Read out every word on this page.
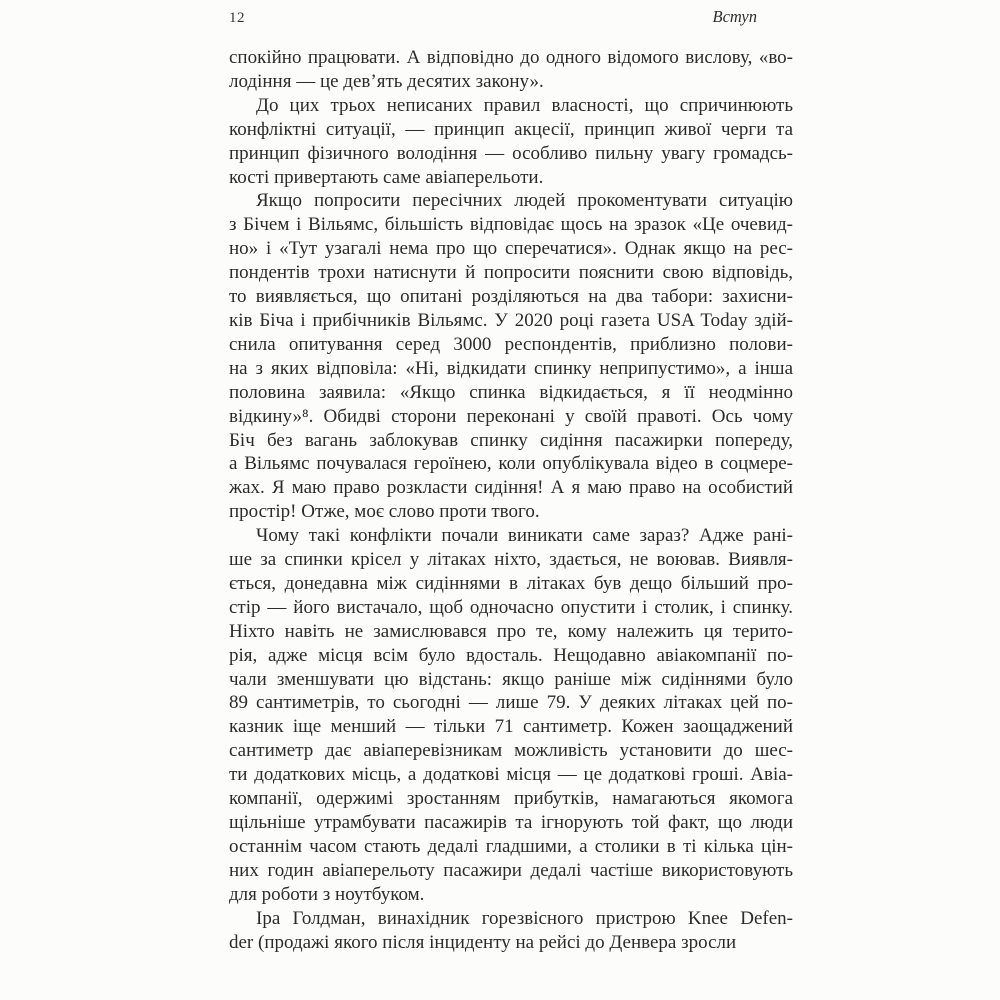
12	Вступ
спокійно працювати. А відповідно до одного відомого вислову, «во-
лодіння — це дев’ять десятих закону».
До цих трьох неписаних правил власності, що спричинюють
конфліктні ситуації, — принцип акцесії, принцип живої черги та
принцип фізичного володіння — особливо пильну увагу громадсь-
кості привертають саме авіаперельоти.
Якщо попросити пересічних людей прокоментувати ситуацію
з Бічем і Вільямс, більшість відповідає щось на зразок «Це очевид-
но» і «Тут узагалі нема про що сперечатися». Однак якщо на рес-
пондентів трохи натиснути й попросити пояснити свою відповідь,
то виявляється, що опитані розділяються на два табори: захисни-
ків Біча і прибічників Вільямс. У 2020 році газета USA Today здій-
снила опитування серед 3000 респондентів, приблизно полови-
на з яких відповіла: «Ні, відкидати спинку неприпустимо», а інша
половина заявила: «Якщо спинка відкидається, я її неодмінно
відкину»⁸. Обидві сторони переконані у своїй правоті. Ось чому
Біч без вагань заблокував спинку сидіння пасажирки попереду,
а Вільямс почувалася героїнею, коли опублікувала відео в соцмере-
жах. Я маю право розкласти сидіння! А я маю право на особистий
простір! Отже, моє слово проти твого.
Чому такі конфлікти почали виникати саме зараз? Адже рані-
ше за спинки крісел у літаках ніхто, здається, не воював. Виявля-
ється, донедавна між сидіннями в літаках був дещо більший про-
стір — його вистачало, щоб одночасно опустити і столик, і спинку.
Ніхто навіть не замислювався про те, кому належить ця терито-
рія, адже місця всім було вдосталь. Нещодавно авіакомпанії по-
чали зменшувати цю відстань: якщо раніше між сидіннями було
89 сантиметрів, то сьогодні — лише 79. У деяких літаках цей по-
казник іще менший — тільки 71 сантиметр. Кожен заощаджений
сантиметр дає авіаперевізникам можливість установити до шес-
ти додаткових місць, а додаткові місця — це додаткові гроші. Авіа-
компанії, одержимі зростанням прибутків, намагаються якомога
щільніше утрамбувати пасажирів та ігнорують той факт, що люди
останнім часом стають дедалі гладшими, а столики в ті кілька цін-
них годин авіаперельоту пасажири дедалі частіше використовують
для роботи з ноутбуком.
Іра Голдман, винахідник горезвісного пристрою Knee Defen-
der (продажі якого після інциденту на рейсі до Денвера зросли
